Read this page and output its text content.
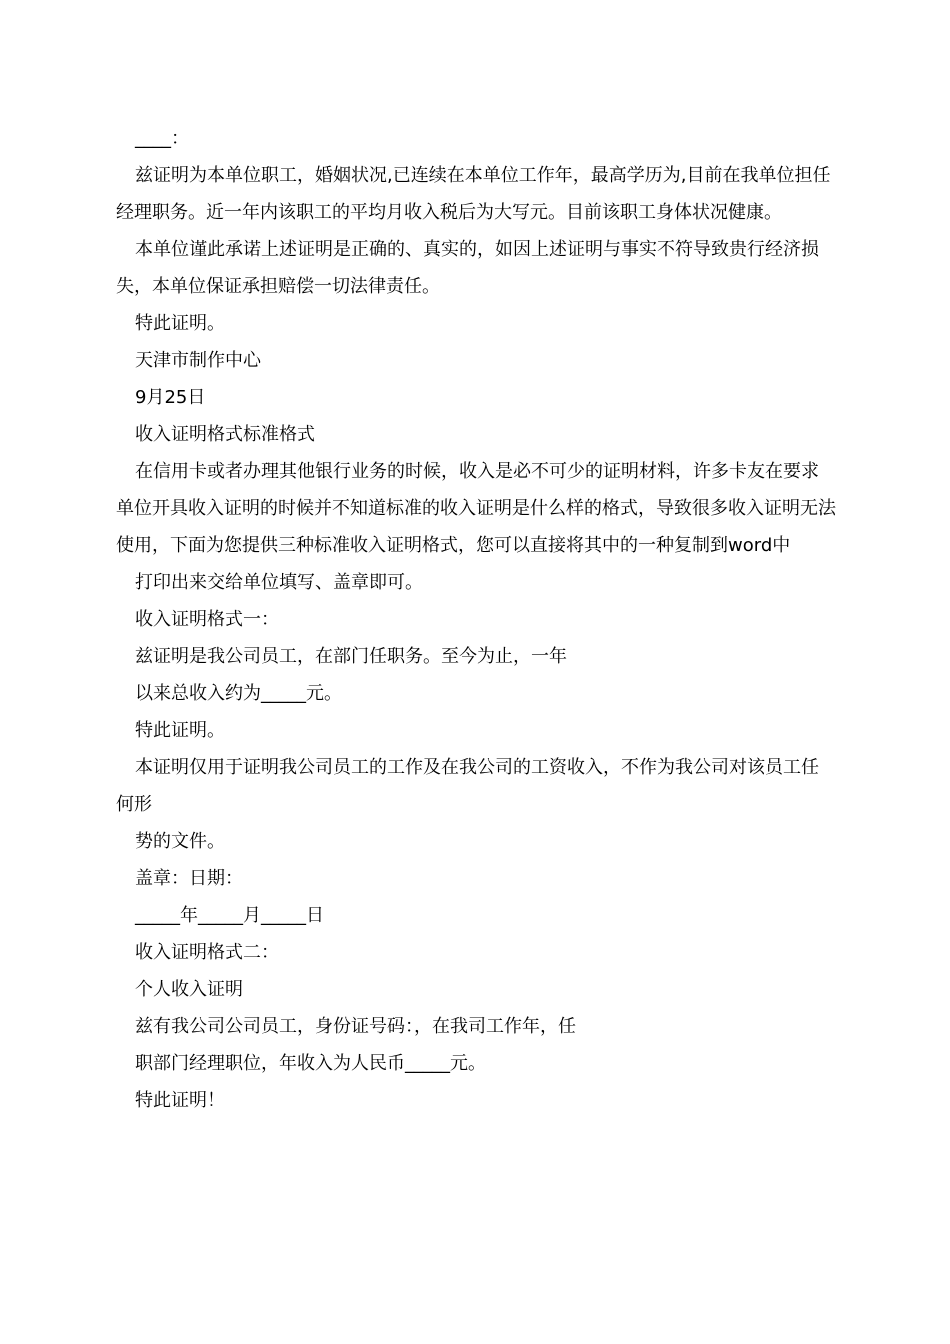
____：

兹证明为本单位职工，婚姻状况,已连续在本单位工作年，最高学历为,目前在我单位担任经理职务。近一年内该职工的平均月收入税后为大写元。目前该职工身体状况健康。

本单位谨此承诺上述证明是正确的、真实的，如因上述证明与事实不符导致贵行经济损失，本单位保证承担赔偿一切法律责任。

特此证明。

天津市制作中心

9月25日

收入证明格式标准格式

在信用卡或者办理其他银行业务的时候，收入是必不可少的证明材料，许多卡友在要求单位开具收入证明的时候并不知道标准的收入证明是什么样的格式，导致很多收入证明无法使用，下面为您提供三种标准收入证明格式，您可以直接将其中的一种复制到word中

打印出来交给单位填写、盖章即可。

收入证明格式一：

兹证明是我公司员工，在部门任职务。至今为止，一年

以来总收入约为_____元。

特此证明。

本证明仅用于证明我公司员工的工作及在我公司的工资收入，不作为我公司对该员工任何形

势的文件。

盖章：日期：

_____年_____月_____日

收入证明格式二：

个人收入证明

兹有我公司公司员工，身份证号码：，在我司工作年，任

职部门经理职位，年收入为人民币_____元。

特此证明！
